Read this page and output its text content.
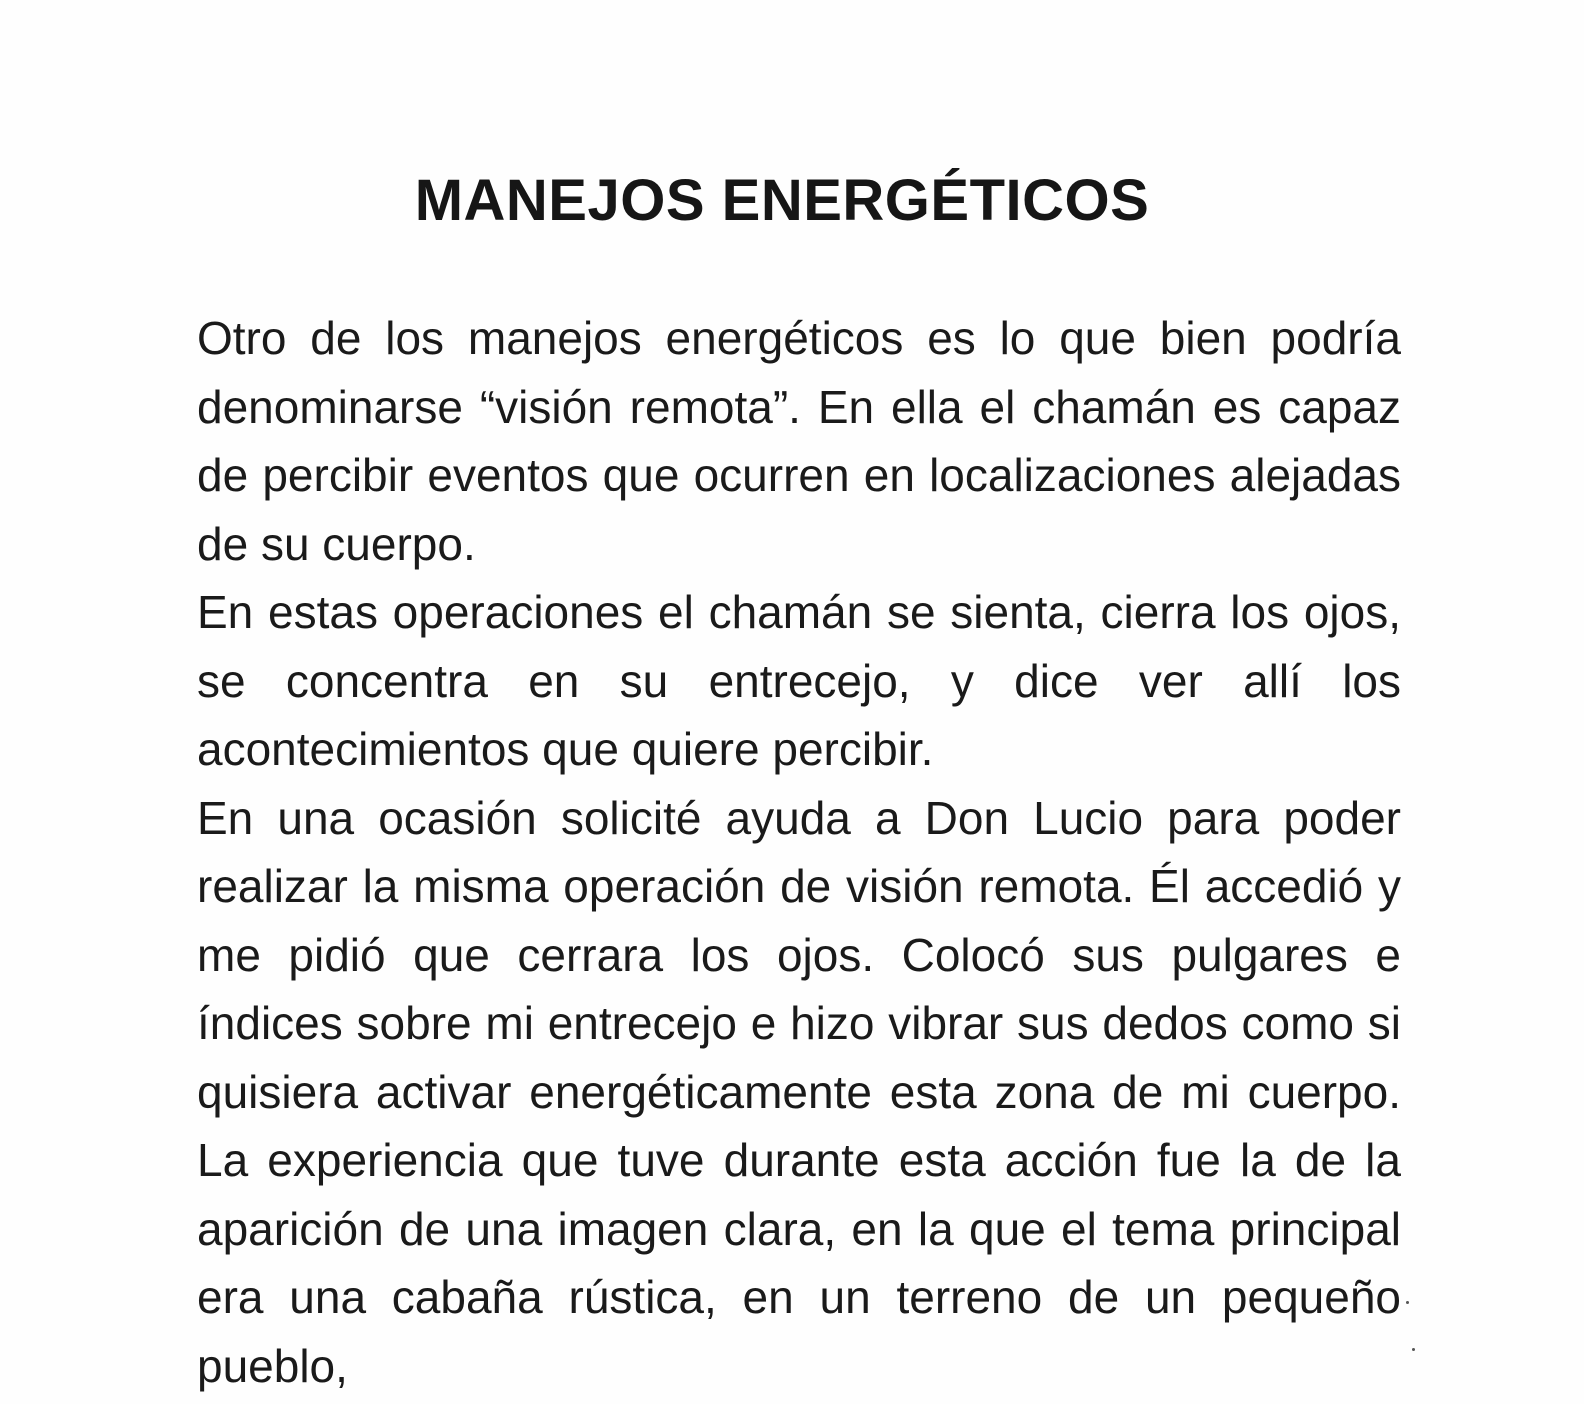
MANEJOS ENERGÉTICOS

Otro de los manejos energéticos es lo que bien podría denominarse “visión remota”. En ella el chamán es capaz de percibir eventos que ocurren en localizaciones alejadas de su cuerpo.

En estas operaciones el chamán se sienta, cierra los ojos, se concentra en su entrecejo, y dice ver allí los acontecimientos que quiere percibir.

En una ocasión solicité ayuda a Don Lucio para poder realizar la misma operación de visión remota. Él accedió y me pidió que cerrara los ojos. Colocó sus pulgares e índices sobre mi entrecejo e hizo vibrar sus dedos como si quisiera activar energéticamente esta zona de mi cuerpo. La experiencia que tuve durante esta acción fue la de la aparición de una imagen clara, en la que el tema principal era una cabaña rústica, en un terreno de un pequeño pueblo,
